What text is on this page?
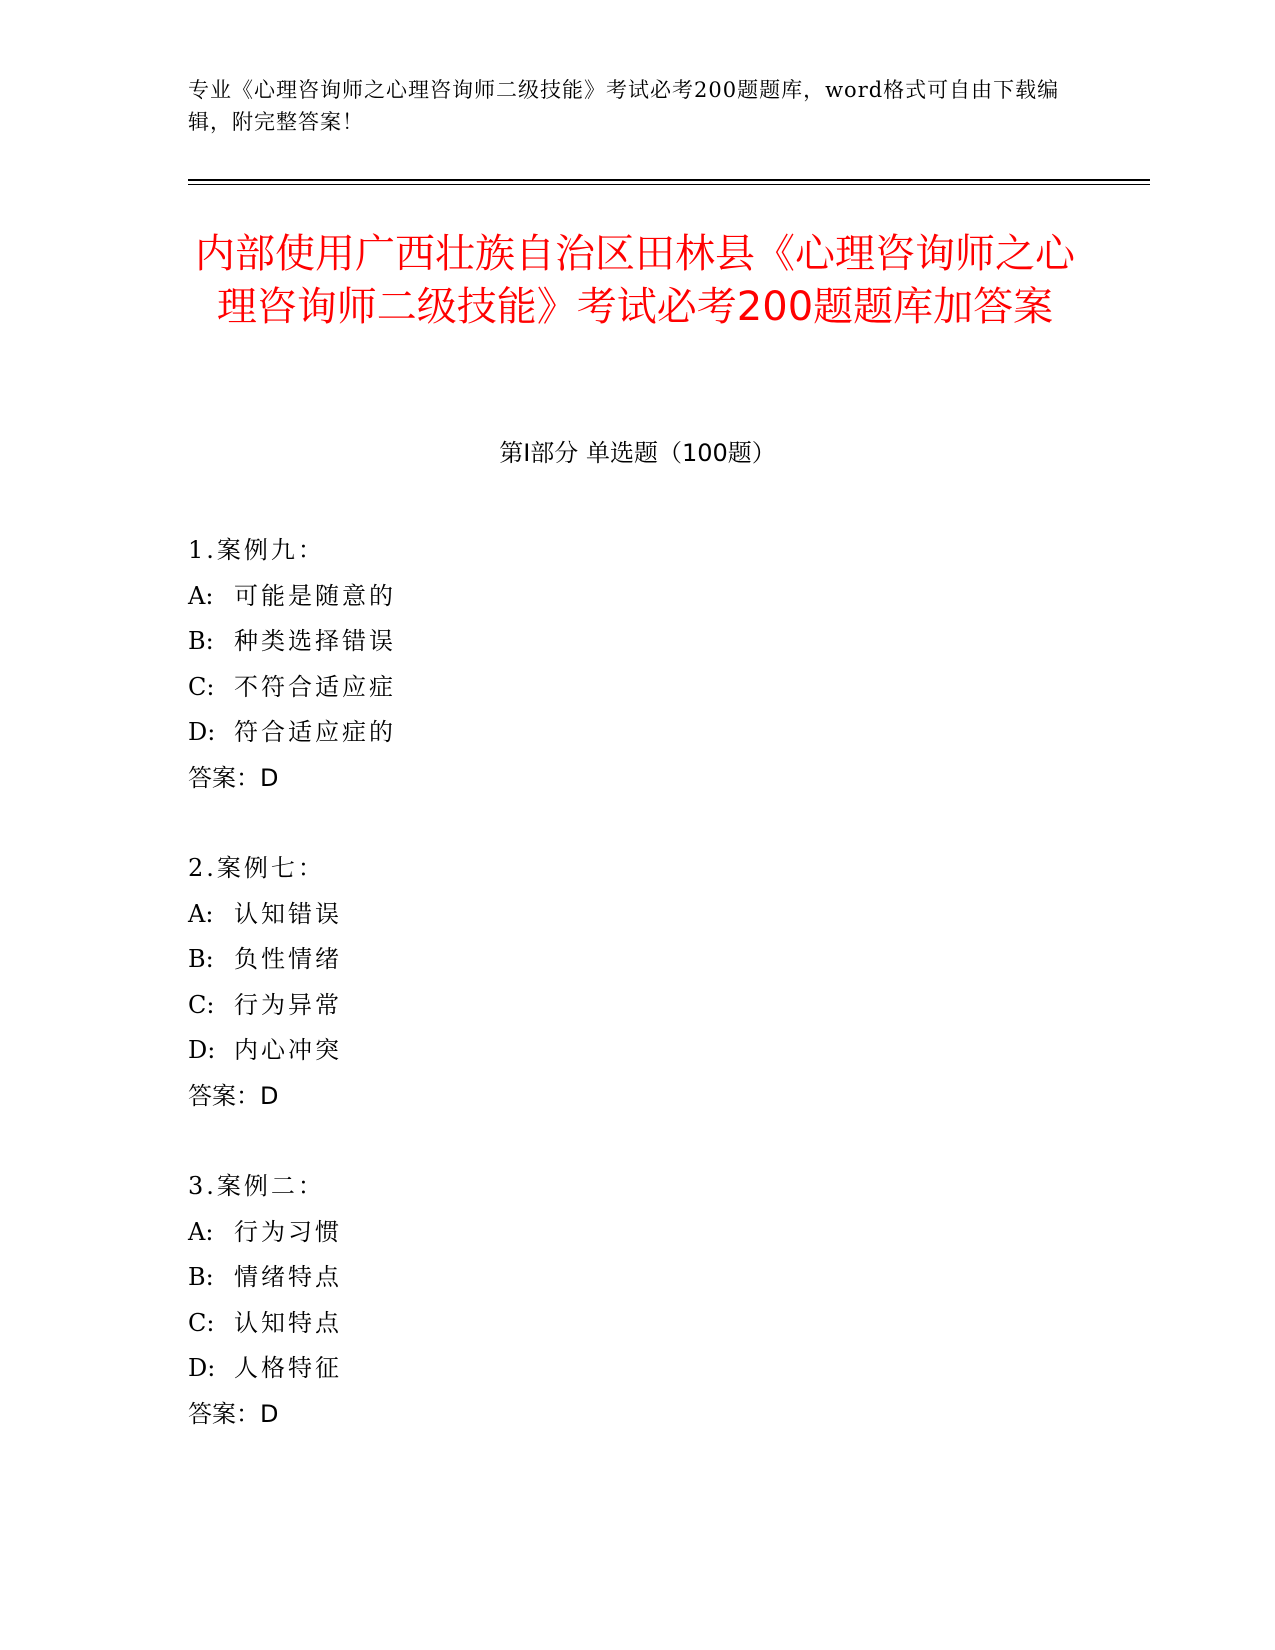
专业《心理咨询师之心理咨询师二级技能》考试必考200题题库，word格式可自由下载编辑，附完整答案！
内部使用广西壮族自治区田林县《心理咨询师之心理咨询师二级技能》考试必考200题题库加答案
第Ⅰ部分 单选题（100题）
1.案例九：
A: 可能是随意的
B: 种类选择错误
C: 不符合适应症
D: 符合适应症的
答案：D
2.案例七：
A: 认知错误
B: 负性情绪
C: 行为异常
D: 内心冲突
答案：D
3.案例二：
A: 行为习惯
B: 情绪特点
C: 认知特点
D: 人格特征
答案：D
